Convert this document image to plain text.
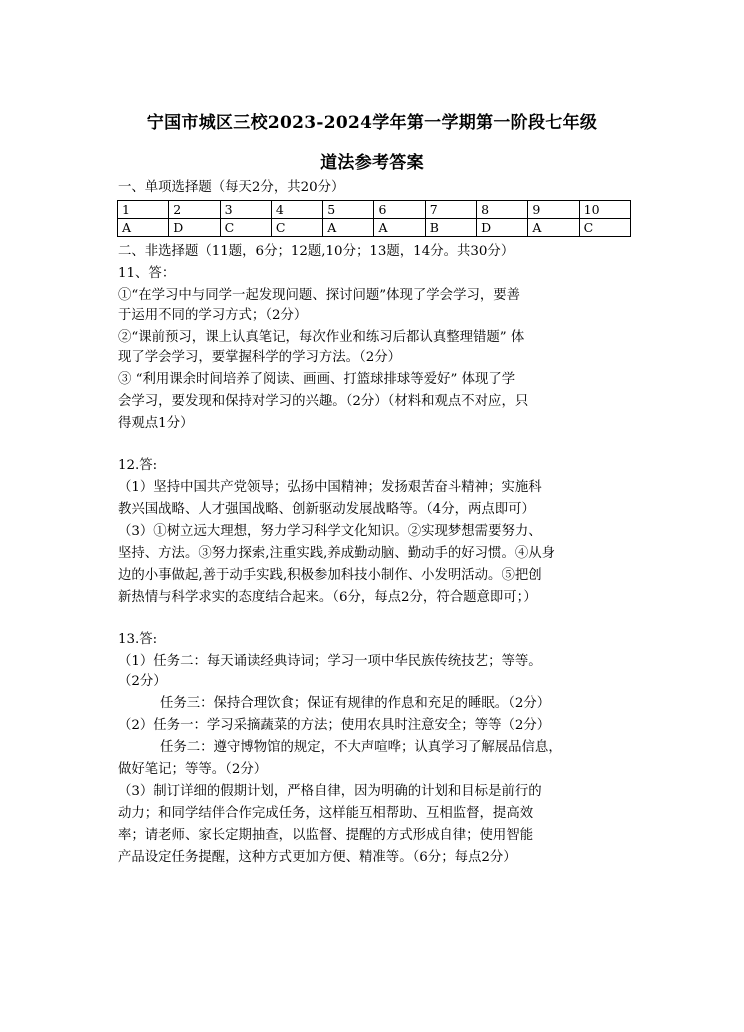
宁国市城区三校2023-2024学年第一学期第一阶段七年级
道法参考答案
一、单项选择题（每天2分，共20分）
1	2	3	4	5	6	7	8	9	10
A	D	C	C	A	A	B	D	A	C
二、非选择题（11题，6分；12题,10分；13题，14分。共30分）
11、答：
①“在学习中与同学一起发现问题、探讨问题”体现了学会学习，要善
于运用不同的学习方式；（2分）
②“课前预习，课上认真笔记，每次作业和练习后都认真整理错题” 体
现了学会学习，要掌握科学的学习方法。（2分）
③ “利用课余时间培养了阅读、画画、打篮球排球等爱好” 体现了学
会学习，要发现和保持对学习的兴趣。（2分）（材料和观点不对应，只
得观点1分）
12.答:
（1）坚持中国共产党领导；弘扬中国精神；发扬艰苦奋斗精神；实施科
教兴国战略、人才强国战略、创新驱动发展战略等。（4分，两点即可）
（3）①树立远大理想，努力学习科学文化知识。②实现梦想需要努力、
坚持、方法。③努力探索,注重实践,养成勤动脑、勤动手的好习惯。④从身
边的小事做起,善于动手实践,积极参加科技小制作、小发明活动。⑤把创
新热情与科学求实的态度结合起来。（6分，每点2分，符合题意即可；）
13.答:
（1）任务二：每天诵读经典诗词；学习一项中华民族传统技艺；等等。
（2分）
任务三：保持合理饮食；保证有规律的作息和充足的睡眠。（2分）
（2）任务一：学习采摘蔬菜的方法；使用农具时注意安全；等等（2分）
任务二：遵守博物馆的规定，不大声喧哗；认真学习了解展品信息，
做好笔记；等等。（2分）
（3）制订详细的假期计划，严格自律，因为明确的计划和目标是前行的
动力；和同学结伴合作完成任务，这样能互相帮助、互相监督，提高效
率；请老师、家长定期抽查，以监督、提醒的方式形成自律；使用智能
产品设定任务提醒，这种方式更加方便、精准等。（6分；每点2分）
